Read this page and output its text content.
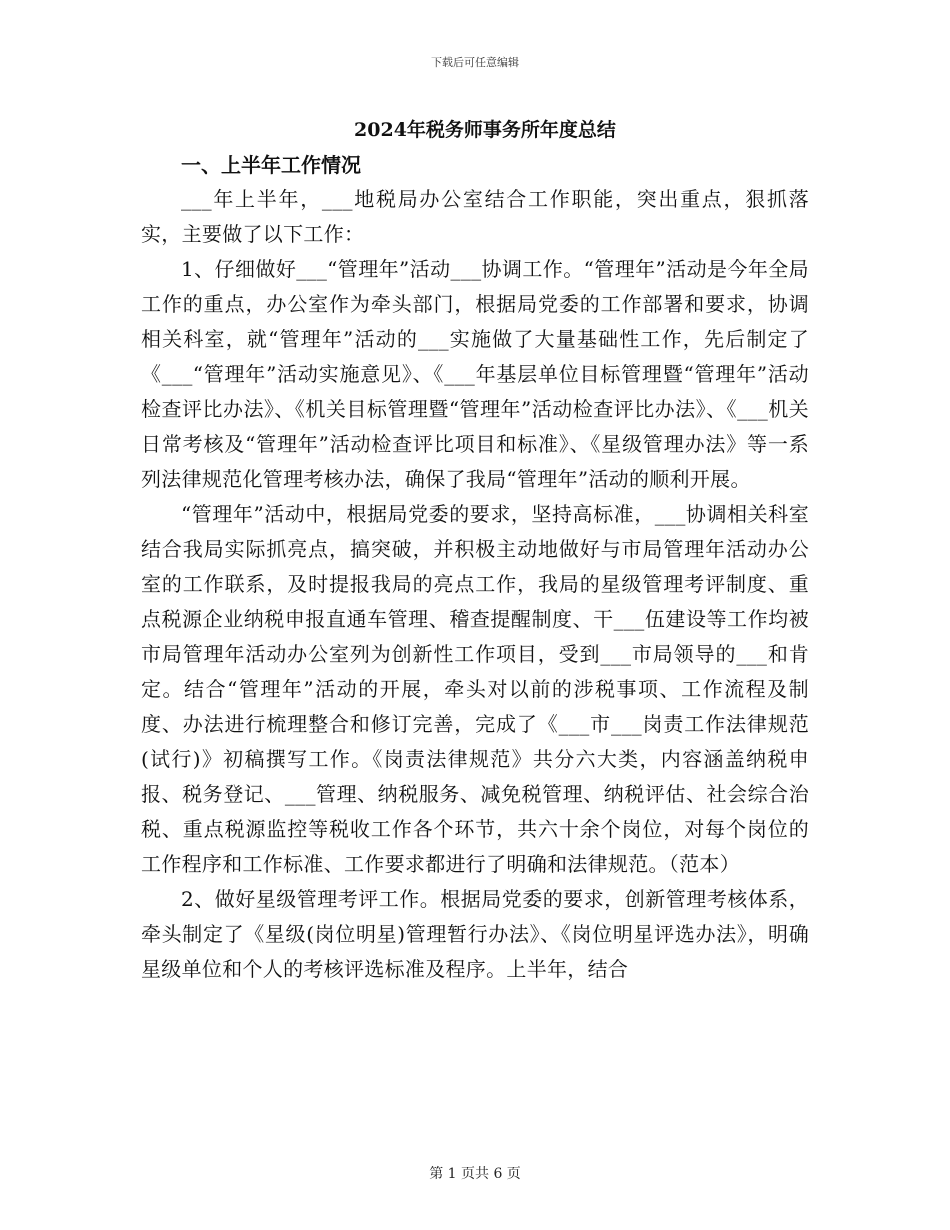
下载后可任意编辑
2024年税务师事务所年度总结
一、上半年工作情况

___年上半年，___地税局办公室结合工作职能，突出重点，狠抓落实，主要做了以下工作：

1、仔细做好___“管理年”活动___协调工作。“管理年”活动是今年全局工作的重点，办公室作为牵头部门，根据局党委的工作部署和要求，协调相关科室，就“管理年”活动的___实施做了大量基础性工作，先后制定了《___“管理年”活动实施意见》、《___年基层单位目标管理暨“管理年”活动检查评比办法》、《机关目标管理暨“管理年”活动检查评比办法》、《___机关日常考核及“管理年”活动检查评比项目和标准》、《星级管理办法》等一系列法律规范化管理考核办法，确保了我局“管理年”活动的顺利开展。

“管理年”活动中，根据局党委的要求，坚持高标准，___协调相关科室结合我局实际抓亮点，搞突破，并积极主动地做好与市局管理年活动办公室的工作联系，及时提报我局的亮点工作，我局的星级管理考评制度、重点税源企业纳税申报直通车管理、稽查提醒制度、干___伍建设等工作均被市局管理年活动办公室列为创新性工作项目，受到___市局领导的___和肯定。结合“管理年”活动的开展，牵头对以前的涉税事项、工作流程及制度、办法进行梳理整合和修订完善，完成了《___市___岗责工作法律规范(试行)》初稿撰写工作。《岗责法律规范》共分六大类，内容涵盖纳税申报、税务登记、___管理、纳税服务、减免税管理、纳税评估、社会综合治税、重点税源监控等税收工作各个环节，共六十余个岗位，对每个岗位的工作程序和工作标准、工作要求都进行了明确和法律规范。（范本）

2、做好星级管理考评工作。根据局党委的要求，创新管理考核体系，牵头制定了《星级(岗位明星)管理暂行办法》、《岗位明星评选办法》，明确星级单位和个人的考核评选标准及程序。上半年，结合

第 1 页共 6 页
